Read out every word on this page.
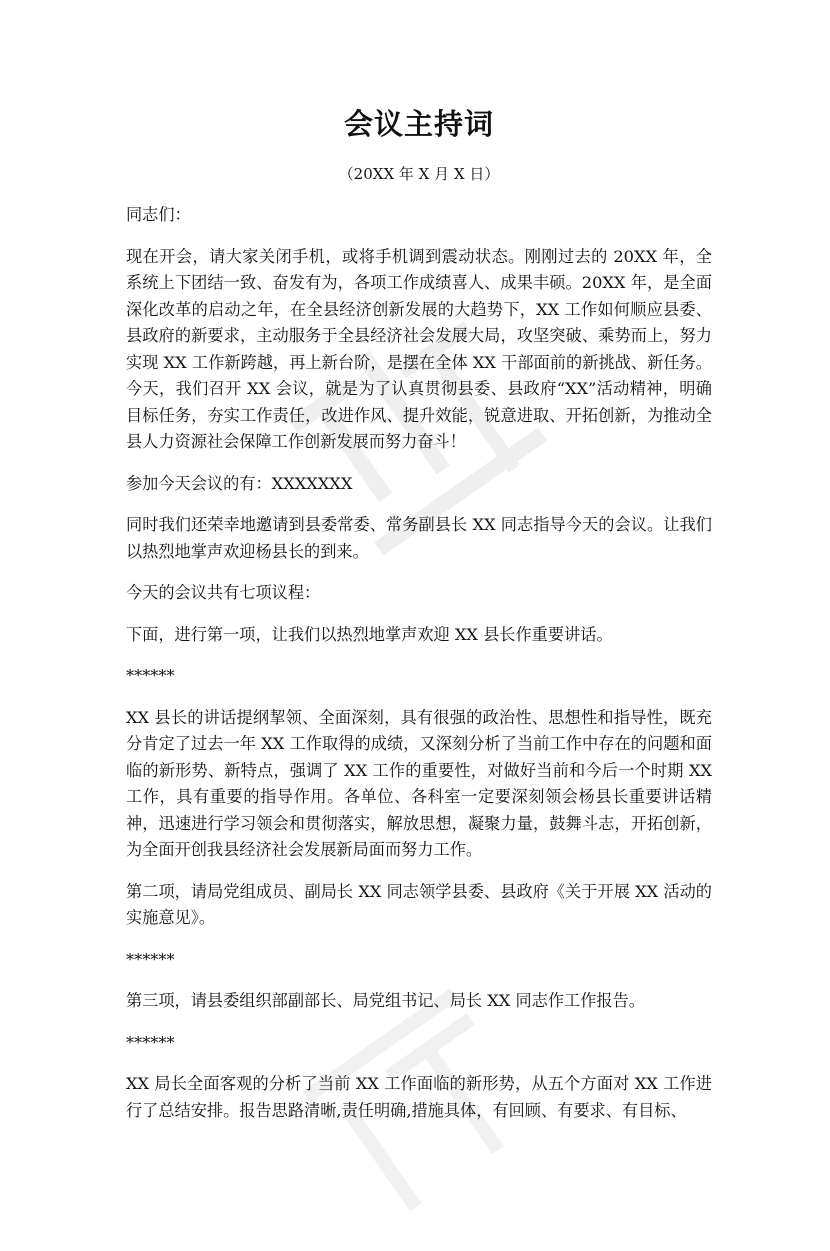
会议主持词
（20XX 年 X 月 X 日）

同志们：

现在开会，请大家关闭手机，或将手机调到震动状态。刚刚过去的 20XX 年，全系统上下团结一致、奋发有为，各项工作成绩喜人、成果丰硕。20XX 年，是全面深化改革的启动之年，在全县经济创新发展的大趋势下，XX 工作如何顺应县委、县政府的新要求，主动服务于全县经济社会发展大局，攻坚突破、乘势而上，努力实现 XX 工作新跨越，再上新台阶，是摆在全体 XX 干部面前的新挑战、新任务。今天，我们召开 XX 会议，就是为了认真贯彻县委、县政府“XX”活动精神，明确目标任务，夯实工作责任，改进作风、提升效能，锐意进取、开拓创新，为推动全县人力资源社会保障工作创新发展而努力奋斗！

参加今天会议的有：XXXXXXX

同时我们还荣幸地邀请到县委常委、常务副县长 XX 同志指导今天的会议。让我们以热烈地掌声欢迎杨县长的到来。

今天的会议共有七项议程：

下面，进行第一项，让我们以热烈地掌声欢迎 XX 县长作重要讲话。

******

XX 县长的讲话提纲挈领、全面深刻，具有很强的政治性、思想性和指导性，既充分肯定了过去一年 XX 工作取得的成绩，又深刻分析了当前工作中存在的问题和面临的新形势、新特点，强调了 XX 工作的重要性，对做好当前和今后一个时期 XX 工作，具有重要的指导作用。各单位、各科室一定要深刻领会杨县长重要讲话精神，迅速进行学习领会和贯彻落实，解放思想，凝聚力量，鼓舞斗志，开拓创新，为全面开创我县经济社会发展新局面而努力工作。

第二项，请局党组成员、副局长 XX 同志领学县委、县政府《关于开展 XX 活动的实施意见》。

******

第三项，请县委组织部副部长、局党组书记、局长 XX 同志作工作报告。

******

XX 局长全面客观的分析了当前 XX 工作面临的新形势，从五个方面对 XX 工作进行了总结安排。报告思路清晰,责任明确,措施具体，有回顾、有要求、有目标、
